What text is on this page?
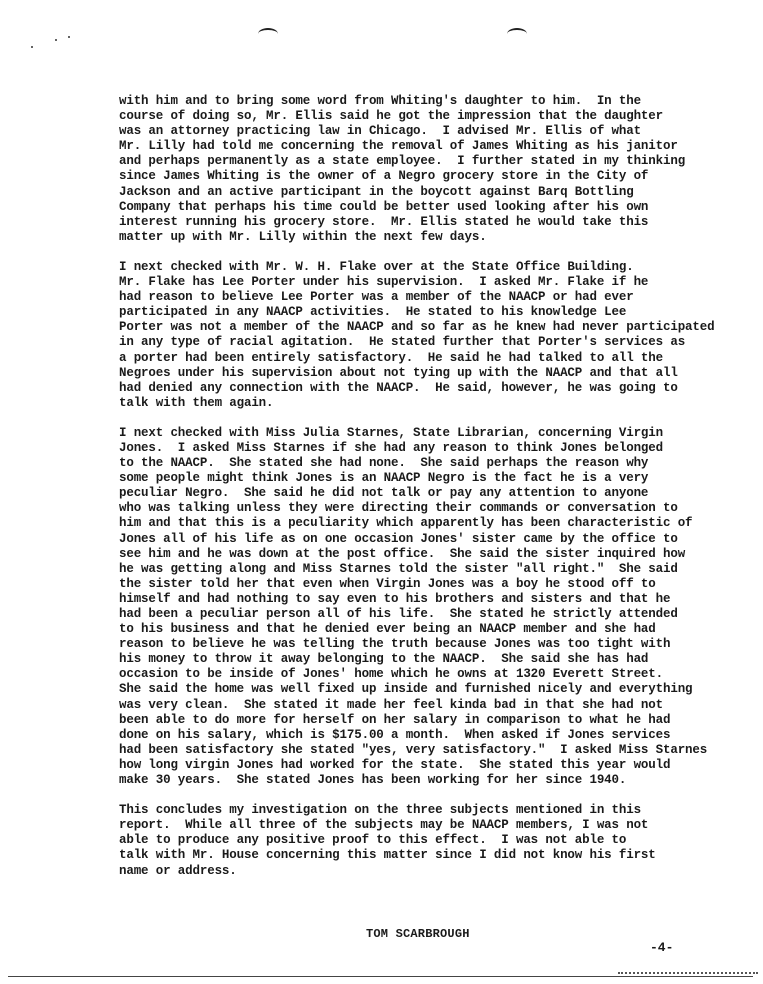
with him and to bring some word from Whiting's daughter to him.  In the
course of doing so, Mr. Ellis said he got the impression that the daughter
was an attorney practicing law in Chicago.  I advised Mr. Ellis of what
Mr. Lilly had told me concerning the removal of James Whiting as his janitor
and perhaps permanently as a state employee.  I further stated in my thinking
since James Whiting is the owner of a Negro grocery store in the City of
Jackson and an active participant in the boycott against Barq Bottling
Company that perhaps his time could be better used looking after his own
interest running his grocery store.  Mr. Ellis stated he would take this
matter up with Mr. Lilly within the next few days.

I next checked with Mr. W. H. Flake over at the State Office Building.
Mr. Flake has Lee Porter under his supervision.  I asked Mr. Flake if he
had reason to believe Lee Porter was a member of the NAACP or had ever
participated in any NAACP activities.  He stated to his knowledge Lee
Porter was not a member of the NAACP and so far as he knew had never participated
in any type of racial agitation.  He stated further that Porter's services as
a porter had been entirely satisfactory.  He said he had talked to all the
Negroes under his supervision about not tying up with the NAACP and that all
had denied any connection with the NAACP.  He said, however, he was going to
talk with them again.

I next checked with Miss Julia Starnes, State Librarian, concerning Virgin
Jones.  I asked Miss Starnes if she had any reason to think Jones belonged
to the NAACP.  She stated she had none.  She said perhaps the reason why
some people might think Jones is an NAACP Negro is the fact he is a very
peculiar Negro.  She said he did not talk or pay any attention to anyone
who was talking unless they were directing their commands or conversation to
him and that this is a peculiarity which apparently has been characteristic of
Jones all of his life as on one occasion Jones' sister came by the office to
see him and he was down at the post office.  She said the sister inquired how
he was getting along and Miss Starnes told the sister "all right."  She said
the sister told her that even when Virgin Jones was a boy he stood off to
himself and had nothing to say even to his brothers and sisters and that he
had been a peculiar person all of his life.  She stated he strictly attended
to his business and that he denied ever being an NAACP member and she had
reason to believe he was telling the truth because Jones was too tight with
his money to throw it away belonging to the NAACP.  She said she has had
occasion to be inside of Jones' home which he owns at 1320 Everett Street.
She said the home was well fixed up inside and furnished nicely and everything
was very clean.  She stated it made her feel kinda bad in that she had not
been able to do more for herself on her salary in comparison to what he had
done on his salary, which is $175.00 a month.  When asked if Jones services
had been satisfactory she stated "yes, very satisfactory."  I asked Miss Starnes
how long virgin Jones had worked for the state.  She stated this year would
make 30 years.  She stated Jones has been working for her since 1940.

This concludes my investigation on the three subjects mentioned in this
report.  While all three of the subjects may be NAACP members, I was not
able to produce any positive proof to this effect.  I was not able to
talk with Mr. House concerning this matter since I did not know his first
name or address.

TOM SCARBROUGH
-4-
